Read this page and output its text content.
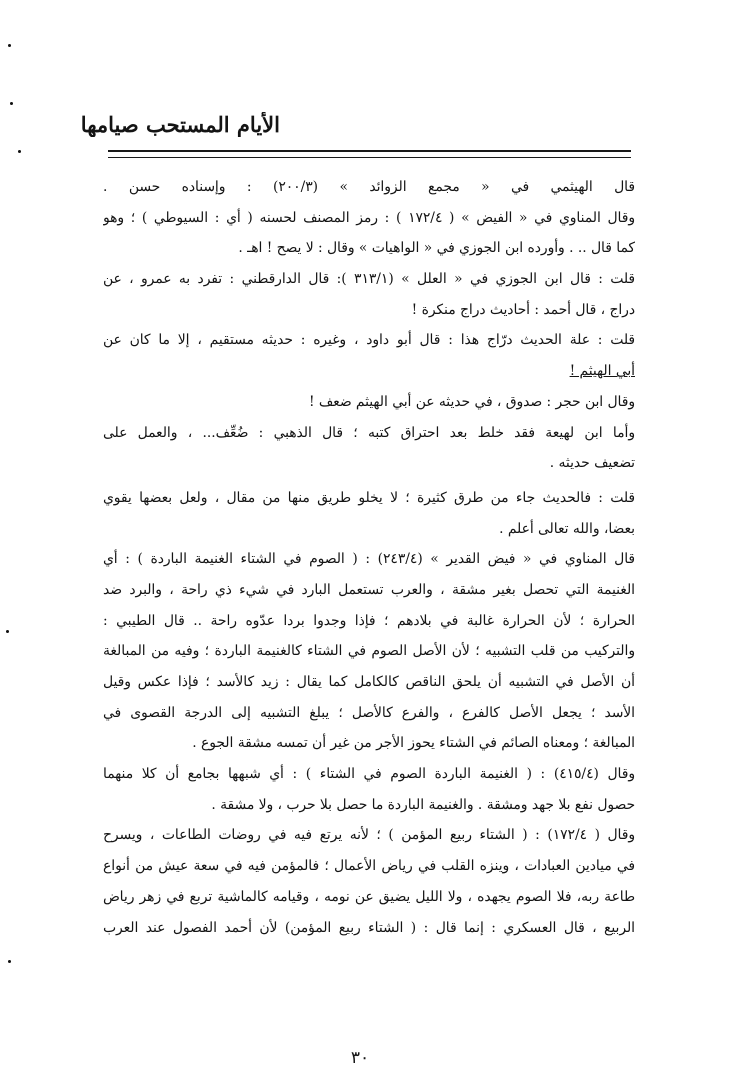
الأيام المستحب صيامها
قال الهيثمي في « مجمع الزوائد » (٢٠٠/٣) : وإسناده حسن .
وقال المناوي في « الفيض » ( ١٧٢/٤ ) : رمز المصنف لحسنه ( أي : السيوطي ) ؛ وهو
كما قال .. . وأورده ابن الجوزي في « الواهيات » وقال : لا يصح ! اهـ .
قلت : قال ابن الجوزي في « العلل » (٣١٣/١ ): قال الدارقطني : تفرد به عمرو ، عن
دراج ، قال أحمد : أحاديث دراج منكرة !
قلت : علة الحديث درّاج هذا : قال أبو داود ، وغيره : حديثه مستقيم ، إلا ما كان عن
أبي الهيثم !
وقال ابن حجر : صدوق ، في حديثه عن أبي الهيثم ضعف !
وأما ابن لهيعة فقد خلط بعد احتراق كتبه ؛ قال الذهبي : ضُعِّف... ، والعمل على
تضعيف حديثه .
قلت : فالحديث جاء من طرق كثيرة ؛ لا يخلو طريق منها من مقال ، ولعل بعضها يقوي
بعضا، والله تعالى أعلم .
قال المناوي في « فيض القدير » (٢٤٣/٤) : ( الصوم في الشتاء الغنيمة الباردة ) : أي
الغنيمة التي تحصل بغير مشقة ، والعرب تستعمل البارد في شيء ذي راحة ، والبرد ضد
الحرارة ؛ لأن الحرارة غالبة في بلادهم ؛ فإذا وجدوا بردا عدّوه راحة .. قال الطيبي :
والتركيب من قلب التشبيه ؛ لأن الأصل الصوم في الشتاء كالغنيمة الباردة ؛ وفيه من المبالغة
أن الأصل في التشبيه أن يلحق الناقص كالكامل كما يقال : زيد كالأسد ؛ فإذا عكس وقيل
الأسد ؛ يجعل الأصل كالفرع ، والفرع كالأصل ؛ يبلغ التشبيه إلى الدرجة القصوى في
المبالغة ؛ ومعناه الصائم في الشتاء يحوز الأجر من غير أن تمسه مشقة الجوع .
وقال (٤١٥/٤) : ( الغنيمة الباردة الصوم في الشتاء ) : أي شبهها بجامع أن كلا منهما
حصول نفع بلا جهد ومشقة . والغنيمة الباردة ما حصل بلا حرب ، ولا مشقة .
وقال ( ١٧٢/٤) : ( الشتاء ربيع المؤمن ) ؛ لأنه يرتع فيه في روضات الطاعات ، ويسرح
في ميادين العبادات ، وينزه القلب في رياض الأعمال ؛ فالمؤمن فيه في سعة عيش من أنواع
طاعة ربه، فلا الصوم يجهده ، ولا الليل يضيق عن نومه ، وقيامه كالماشية تربع في زهر رياض
الربيع ، قال العسكري : إنما قال : ( الشتاء ربيع المؤمن) لأن أحمد الفصول عند العرب
٣٠
